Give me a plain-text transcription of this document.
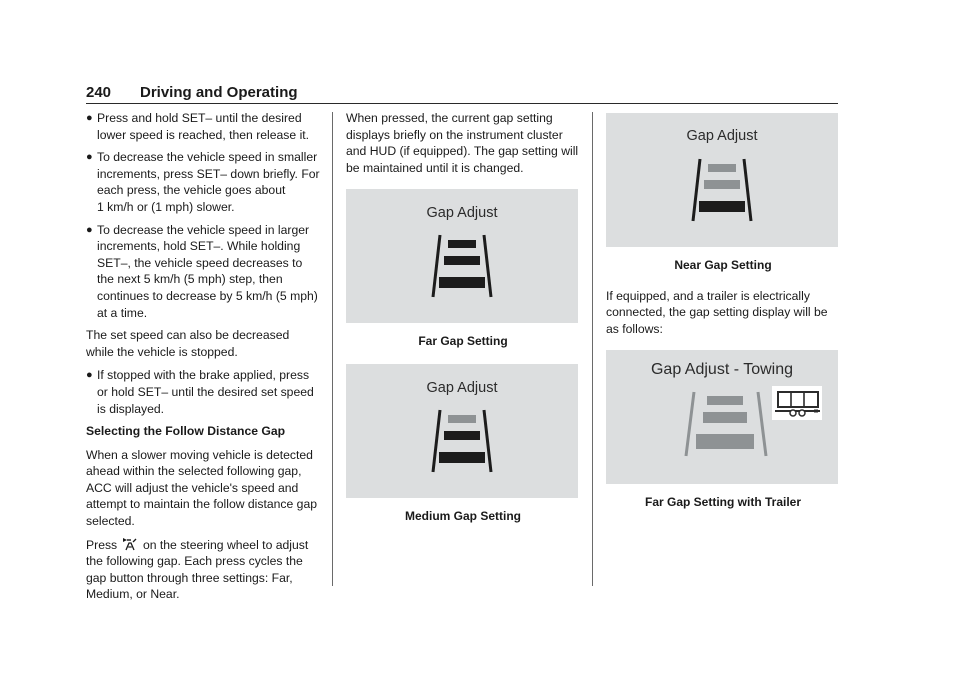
240 Driving and Operating
● Press and hold SET– until the desired lower speed is reached, then release it.
● To decrease the vehicle speed in smaller increments, press SET– down briefly. For each press, the vehicle goes about 1 km/h or (1 mph) slower.
● To decrease the vehicle speed in larger increments, hold SET–. While holding SET–, the vehicle speed decreases to the next 5 km/h (5 mph) step, then continues to decrease by 5 km/h (5 mph) at a time.

The set speed can also be decreased while the vehicle is stopped.

● If stopped with the brake applied, press or hold SET– until the desired set speed is displayed.

Selecting the Follow Distance Gap

When a slower moving vehicle is detected ahead within the selected following gap, ACC will adjust the vehicle's speed and attempt to maintain the follow distance gap selected.

Press on the steering wheel to adjust the following gap. Each press cycles the gap button through three settings: Far, Medium, or Near.

When pressed, the current gap setting displays briefly on the instrument cluster and HUD (if equipped). The gap setting will be maintained until it is changed.

Gap Adjust
Far Gap Setting
Gap Adjust
Medium Gap Setting
Gap Adjust
Near Gap Setting

If equipped, and a trailer is electrically connected, the gap setting display will be as follows:

Gap Adjust - Towing
Far Gap Setting with Trailer
